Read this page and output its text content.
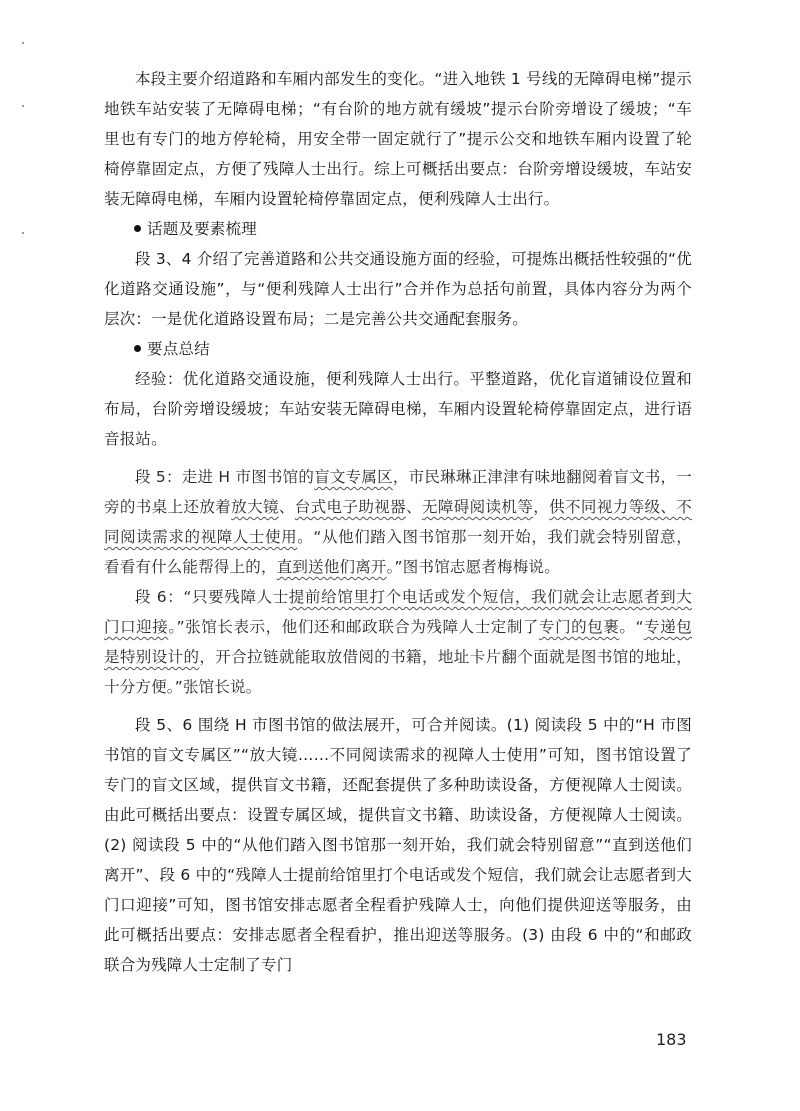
本段主要介绍道路和车厢内部发生的变化。“进入地铁 1 号线的无障碍电梯”提示地铁车站安装了无障碍电梯；“有台阶的地方就有缓坡”提示台阶旁增设了缓坡；“车里也有专门的地方停轮椅，用安全带一固定就行了”提示公交和地铁车厢内设置了轮椅停靠固定点，方便了残障人士出行。综上可概括出要点：台阶旁增设缓坡，车站安装无障碍电梯，车厢内设置轮椅停靠固定点，便利残障人士出行。

话题及要素梳理

段 3、4 介绍了完善道路和公共交通设施方面的经验，可提炼出概括性较强的“优化道路交通设施”，与“便利残障人士出行”合并作为总括句前置，具体内容分为两个层次：一是优化道路设置布局；二是完善公共交通配套服务。

要点总结

经验：优化道路交通设施，便利残障人士出行。平整道路，优化盲道铺设位置和布局，台阶旁增设缓坡；车站安装无障碍电梯，车厢内设置轮椅停靠固定点，进行语音报站。

段 5：走进 H 市图书馆的盲文专属区，市民琳琳正津津有味地翻阅着盲文书，一旁的书桌上还放着放大镜、台式电子助视器、无障碍阅读机等，供不同视力等级、不同阅读需求的视障人士使用。“从他们踏入图书馆那一刻开始，我们就会特别留意，看看有什么能帮得上的，直到送他们离开。”图书馆志愿者梅梅说。

段 6：“只要残障人士提前给馆里打个电话或发个短信，我们就会让志愿者到大门口迎接。”张馆长表示，他们还和邮政联合为残障人士定制了专门的包裹。“专递包是特别设计的，开合拉链就能取放借阅的书籍，地址卡片翻个面就是图书馆的地址，十分方便。”张馆长说。

段 5、6 围绕 H 市图书馆的做法展开，可合并阅读。(1) 阅读段 5 中的“H 市图书馆的盲文专属区”“放大镜……不同阅读需求的视障人士使用”可知，图书馆设置了专门的盲文区域，提供盲文书籍，还配套提供了多种助读设备，方便视障人士阅读。由此可概括出要点：设置专属区域，提供盲文书籍、助读设备，方便视障人士阅读。(2) 阅读段 5 中的“从他们踏入图书馆那一刻开始，我们就会特别留意”“直到送他们离开”、段 6 中的“残障人士提前给馆里打个电话或发个短信，我们就会让志愿者到大门口迎接”可知，图书馆安排志愿者全程看护残障人士，向他们提供迎送等服务，由此可概括出要点：安排志愿者全程看护，推出迎送等服务。(3) 由段 6 中的“和邮政联合为残障人士定制了专门

183
